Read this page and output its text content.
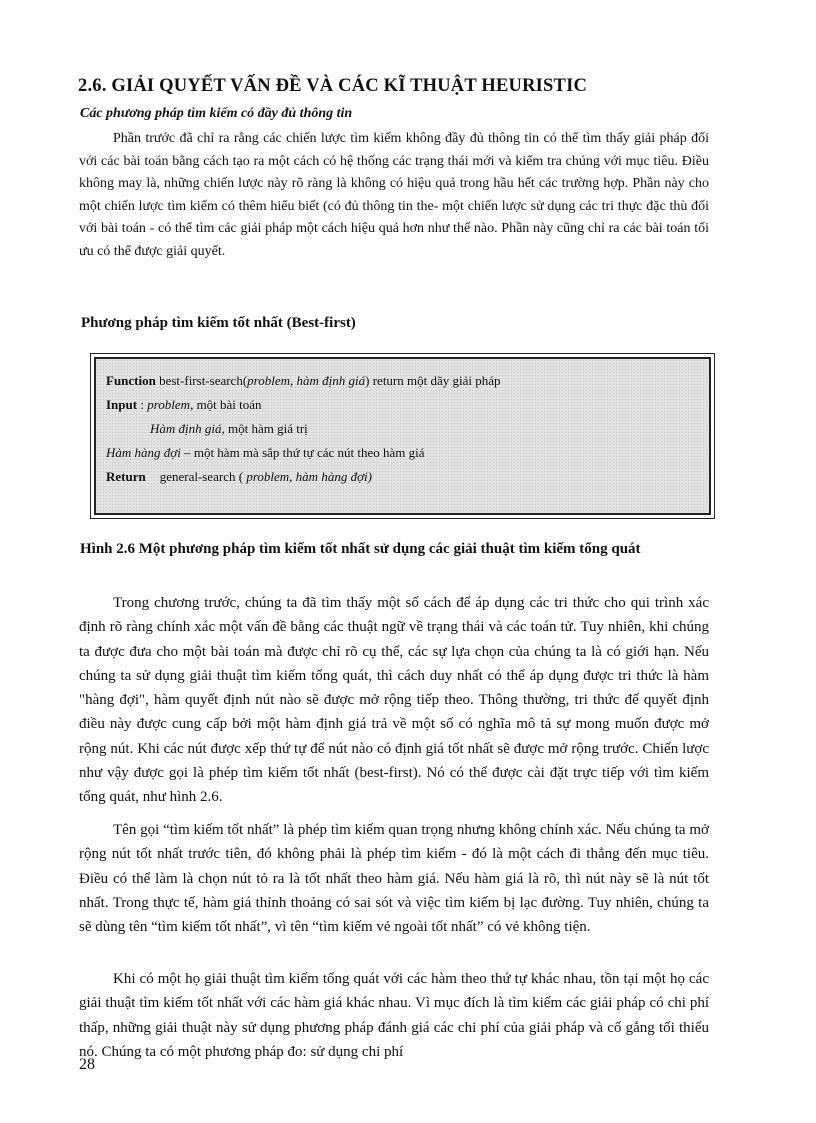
2.6. GIẢI QUYẾT VẤN ĐỀ VÀ CÁC KĨ THUẬT HEURISTIC
Các phương pháp tìm kiếm có đầy đủ thông tin

Phần trước đã chỉ ra rằng các chiến lược tìm kiếm không đầy đủ thông tin có thể tìm thấy giải pháp đối với các bài toán bằng cách tạo ra một cách có hệ thống các trạng thái mới và kiểm tra chúng với mục tiêu. Điều không may là, những chiến lược này rõ ràng là không có hiệu quả trong hầu hết các trường hợp. Phần này cho một chiến lược tìm kiếm có thêm hiểu biết (có đủ thông tin the- một chiến lược sử dụng các tri thực đặc thù đối với bài toán - có thể tìm các giải pháp một cách hiệu quả hơn như thế nào. Phần này cũng chỉ ra các bài toán tối ưu có thể được giải quyết.

Phương pháp tìm kiếm tốt nhất (Best-first)
Function best-first-search(problem, hàm định giá) return một dãy giải pháp
Input : problem, một bài toán
Hàm định giá, một hàm giá trị
Hàm hàng đợi – một hàm mà sắp thứ tự các nút theo hàm giá
Return general-search ( problem, hàm hàng đợi)
Hình 2.6 Một phương pháp tìm kiếm tốt nhất sử dụng các giải thuật tìm kiếm tổng quát

Trong chương trước, chúng ta đã tìm thấy một số cách để áp dụng các tri thức cho qui trình xác định rõ ràng chính xác một vấn đề bằng các thuật ngữ về trạng thái và các toán tử. Tuy nhiên, khi chúng ta được đưa cho một bài toán mà được chỉ rõ cụ thể, các sự lựa chọn của chúng ta là có giới hạn. Nếu chúng ta sử dụng giải thuật tìm kiếm tổng quát, thì cách duy nhất có thể áp dụng được tri thức là hàm "hàng đợi", hàm quyết định nút nào sẽ được mở rộng tiếp theo. Thông thường, tri thức để quyết định điều này được cung cấp bởi một hàm định giá trả về một số có nghĩa mô tả sự mong muốn được mở rộng nút. Khi các nút được xếp thứ tự để nút nào có định giá tốt nhất sẽ được mở rộng trước. Chiến lược như vậy được gọi là phép tìm kiếm tốt nhất (best-first). Nó có thể được cài đặt trực tiếp với tìm kiếm tổng quát, như hình 2.6.

Tên gọi “tìm kiếm tốt nhất” là phép tìm kiếm quan trọng nhưng không chính xác. Nếu chúng ta mở rộng nút tốt nhất trước tiên, đó không phải là phép tìm kiếm - đó là một cách đi thẳng đến mục tiêu. Điều có thể làm là chọn nút tỏ ra là tốt nhất theo hàm giá. Nếu hàm giá là rõ, thì nút này sẽ là nút tốt nhất. Trong thực tế, hàm giá thỉnh thoảng có sai sót và việc tìm kiếm bị lạc đường. Tuy nhiên, chúng ta sẽ dùng tên “tìm kiếm tốt nhất”, vì tên “tìm kiếm vẻ ngoài tốt nhất” có vẻ không tiện.

Khi có một họ giải thuật tìm kiếm tổng quát với các hàm theo thứ tự khác nhau, tồn tại một họ các giải thuật tìm kiếm tốt nhất với các hàm giá khác nhau. Vì mục đích là tìm kiếm các giải pháp có chi phí thấp, những giải thuật này sử dụng phương pháp đánh giá các chi phí của giải pháp và cố gắng tối thiểu nó. Chúng ta có một phương pháp đo: sử dụng chi phí

28
